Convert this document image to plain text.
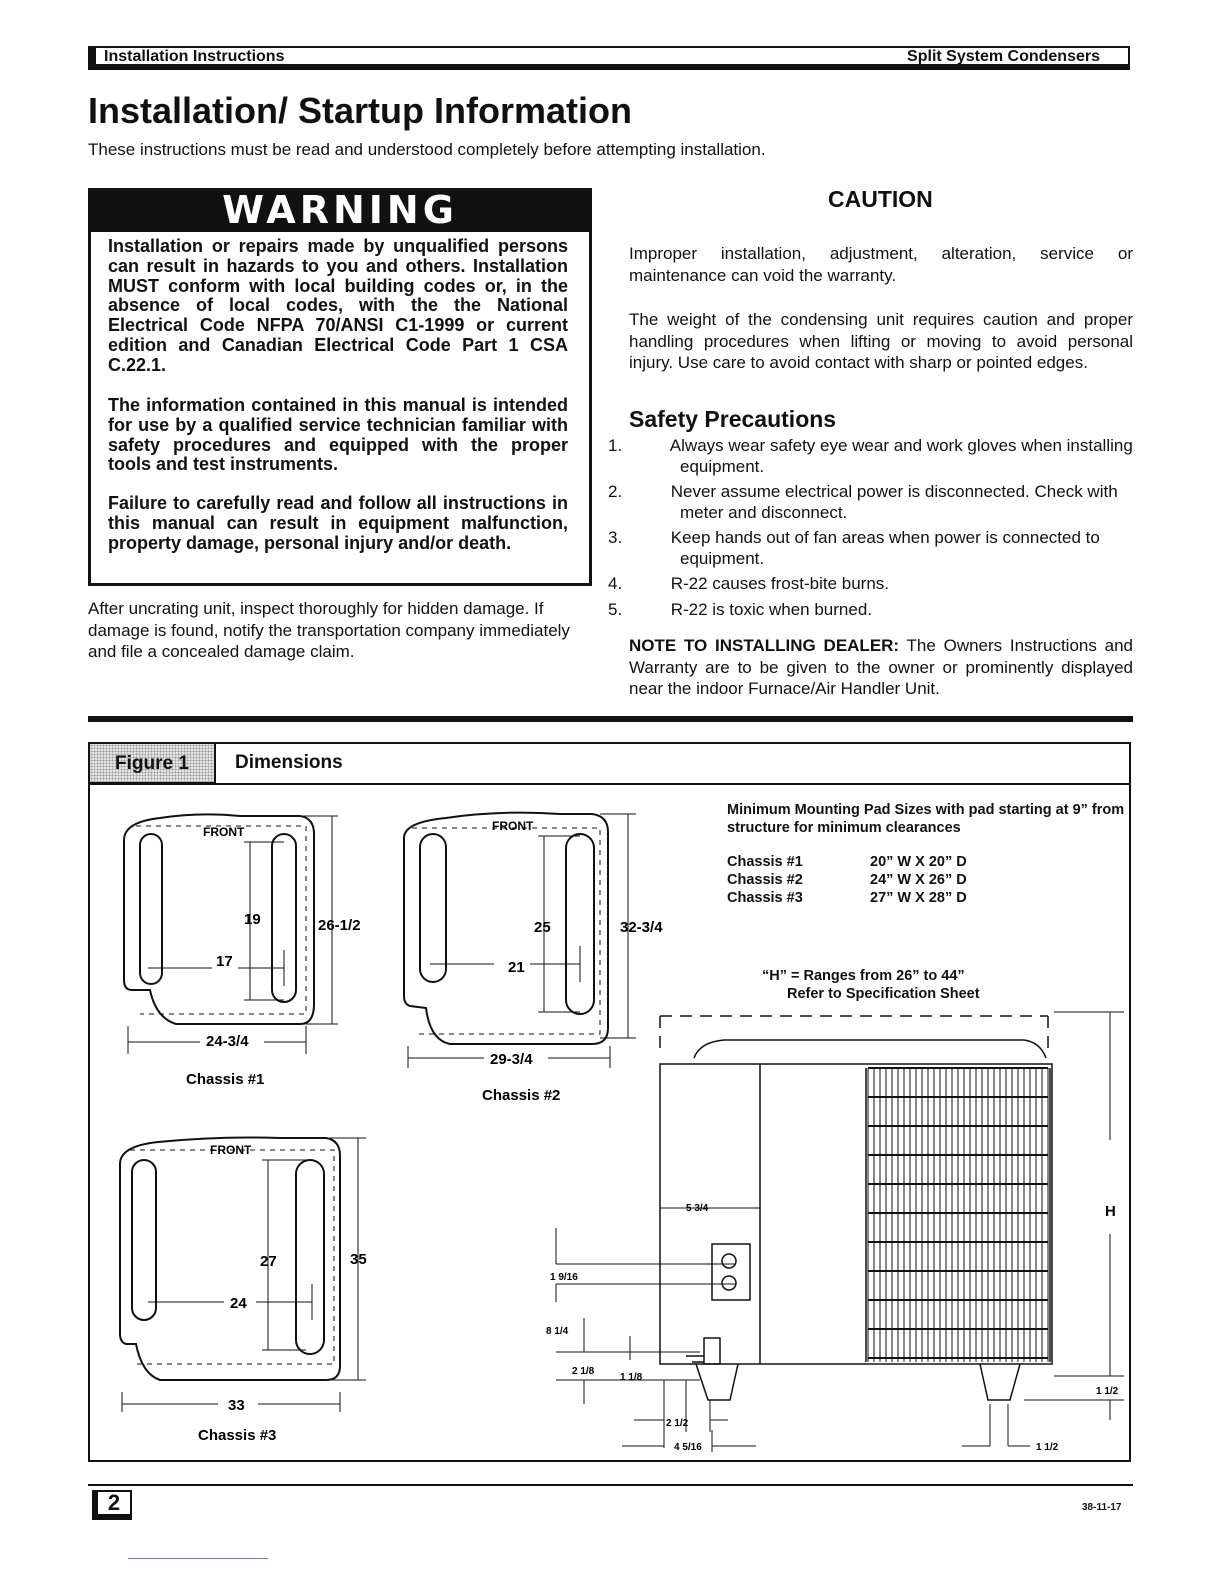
Installation Instructions	Split System Condensers
Installation/ Startup Information
These instructions must be read and understood completely before attempting installation.
WARNING

Installation or repairs made by unqualified persons can result in hazards to you and others. Installation MUST conform with local building codes or, in the absence of local codes, with the the National Electrical Code NFPA 70/ANSI C1-1999 or current edition and Canadian Electrical Code Part 1 CSA C.22.1.

The information contained in this manual is intended for use by a qualified service technician familiar with safety procedures and equipped with the proper tools and test instruments.

Failure to carefully read and follow all instructions in this manual can result in equipment malfunction, property damage, personal injury and/or death.

After uncrating unit, inspect thoroughly for hidden damage. If damage is found, notify the transportation company immediately and file a concealed damage claim.

CAUTION

Improper installation, adjustment, alteration, service or maintenance can void the warranty.

The weight of the condensing unit requires caution and proper handling procedures when lifting or moving to avoid personal injury. Use care to avoid contact with sharp or pointed edges.

Safety Precautions
1.	Always wear safety eye wear and work gloves when installing equipment.
2.	Never assume electrical power is disconnected. Check with meter and disconnect.
3.	Keep hands out of fan areas when power is connected to equipment.
4.	R-22 causes frost-bite burns.
5.	R-22 is toxic when burned.

NOTE TO INSTALLING DEALER: The Owners Instructions and Warranty are to be given to the owner or prominently displayed near the indoor Furnace/Air Handler Unit.

Figure 1	Dimensions
FRONT	FRONT
FRONT
19
17
26-1/2
24-3/4
Chassis #1
25
21
32-3/4
29-3/4
Chassis #2
27
24
35
33
Chassis #3
H
5 3/4
1 9/16
8 1/4
2 1/8
1 1/8
2 1/2
4 5/16
1 1/2
1 1/2
Minimum Mounting Pad Sizes with pad starting at 9” from structure for minimum clearances
Chassis #1	20” W X 20” D
Chassis #2	24” W X 26” D
Chassis #3	27” W X 28” D
“H” = Ranges from 26” to 44”
Refer to Specification Sheet
2	38-11-17
